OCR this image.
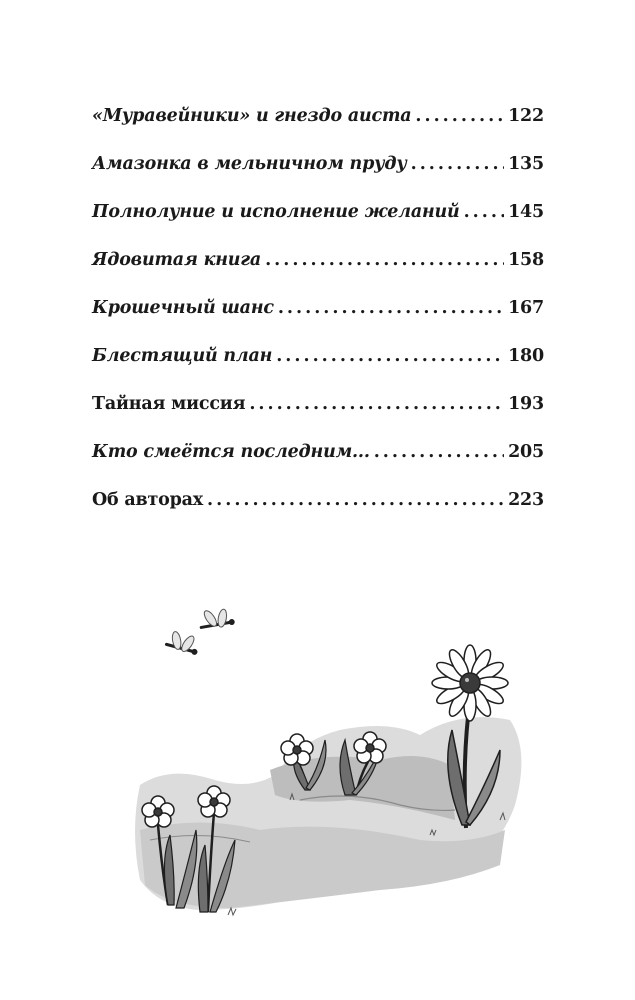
«Муравейники» и гнездо аиста .....	122
Амазонка в мельничном пруду .....	135
Полнолуние и исполнение желаний .....	145
Ядовитая книга .....	158
Крошечный шанс .....	167
Блестящий план .....	180
Тайная миссия .....	193
Кто смеётся последним... .....	205
Об авторах .....	223
